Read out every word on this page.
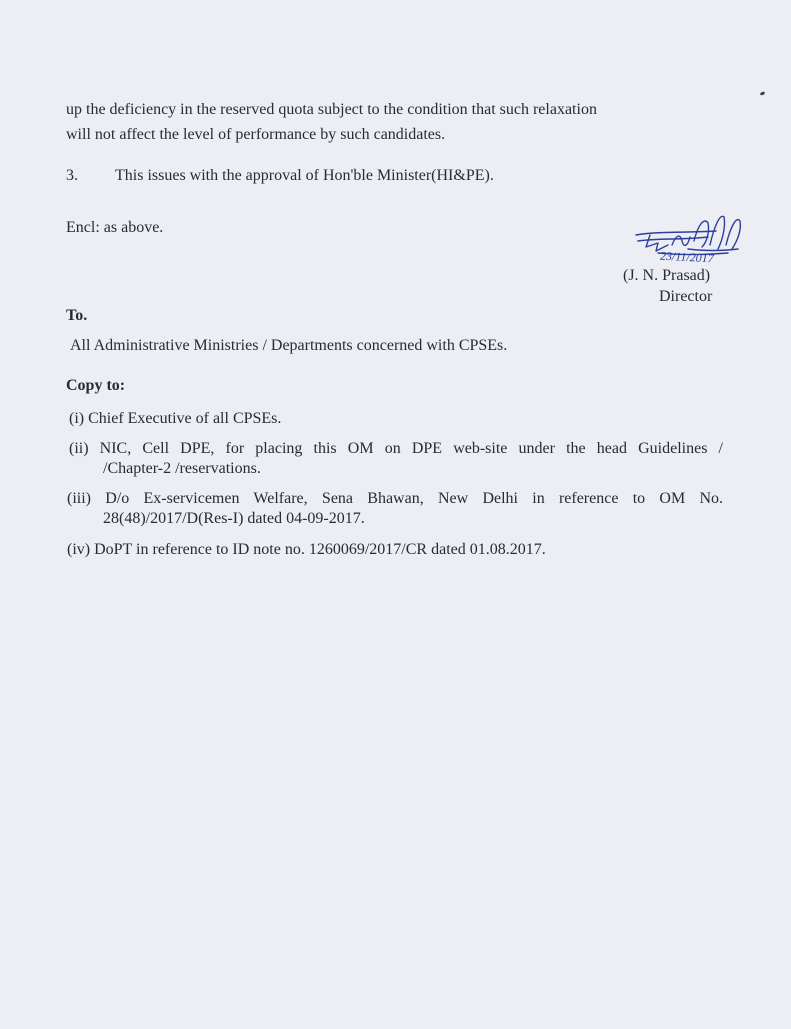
up the deficiency in the reserved quota subject to the condition that such relaxation
will not affect the level of performance by such candidates.
3. This issues with the approval of Hon'ble Minister(HI&PE).
Encl: as above.
23/11/2017
(J. N. Prasad)
Director
To.
All Administrative Ministries / Departments concerned with CPSEs.
Copy to:
(i) Chief Executive of all CPSEs.
(ii) NIC, Cell DPE, for placing this OM on DPE web-site under the head Guidelines /
/Chapter-2 /reservations.
(iii) D/o Ex-servicemen Welfare, Sena Bhawan, New Delhi in reference to OM No.
28(48)/2017/D(Res-I) dated 04-09-2017.
(iv) DoPT in reference to ID note no. 1260069/2017/CR dated 01.08.2017.
